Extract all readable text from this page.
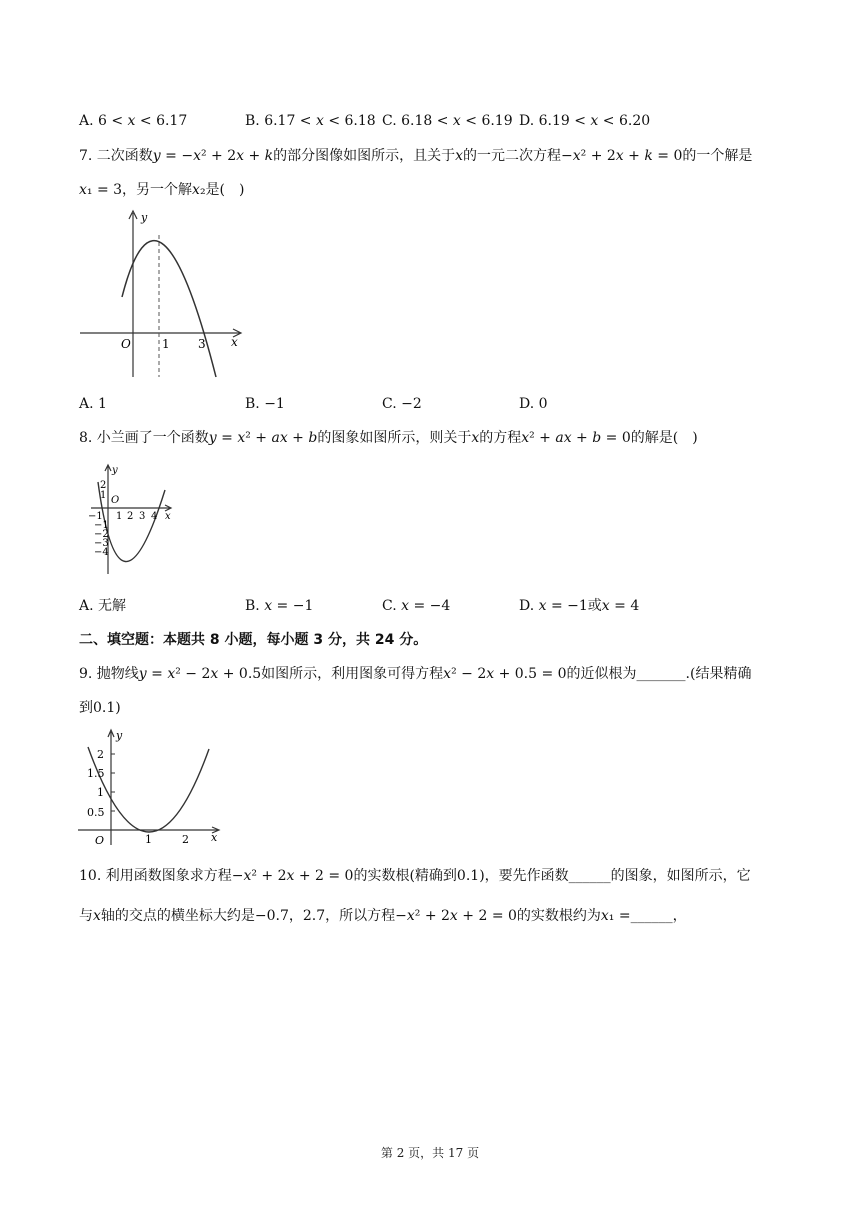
A. 6 < 𝑥 < 6.17	B. 6.17 < 𝑥 < 6.18 C. 6.18 < 𝑥 < 6.19 D. 6.19 < 𝑥 < 6.20
7. 二次函数𝑦 = −𝑥² + 2𝑥 + 𝑘的部分图像如图所示，且关于𝑥的一元二次方程−𝑥² + 2𝑥 + 𝑘 = 0的一个解是
𝑥₁ = 3，另一个解𝑥₂是(　)
y
x
O	1 3
A. 1	B. −1	C. −2	D. 0
8. 小兰画了一个函数𝑦 = 𝑥² + 𝑎𝑥 + 𝑏的图象如图所示，则关于𝑥的方程𝑥² + 𝑎𝑥 + 𝑏 = 0的解是(　)
y
x
O
2
1
−1 1 2 3 4
−1
−2
−3
−4
A. 无解	B. 𝑥 = −1	C. 𝑥 = −4	D. 𝑥 = −1或𝑥 = 4
二、填空题：本题共 8 小题，每小题 3 分，共 24 分。
9. 抛物线𝑦 = 𝑥² − 2𝑥 + 0.5如图所示，利用图象可得方程𝑥² − 2𝑥 + 0.5 = 0的近似根为_______.(结果精确
到0.1)
y
x
O
2
1.5
1
0.5
1	2
10. 利用函数图象求方程−𝑥² + 2𝑥 + 2 = 0的实数根(精确到0.1)，要先作函数______的图象，如图所示，它
与𝑥轴的交点的横坐标大约是−0.7，2.7，所以方程−𝑥² + 2𝑥 + 2 = 0的实数根约为𝑥₁ =______，
第 2 页，共 17 页
